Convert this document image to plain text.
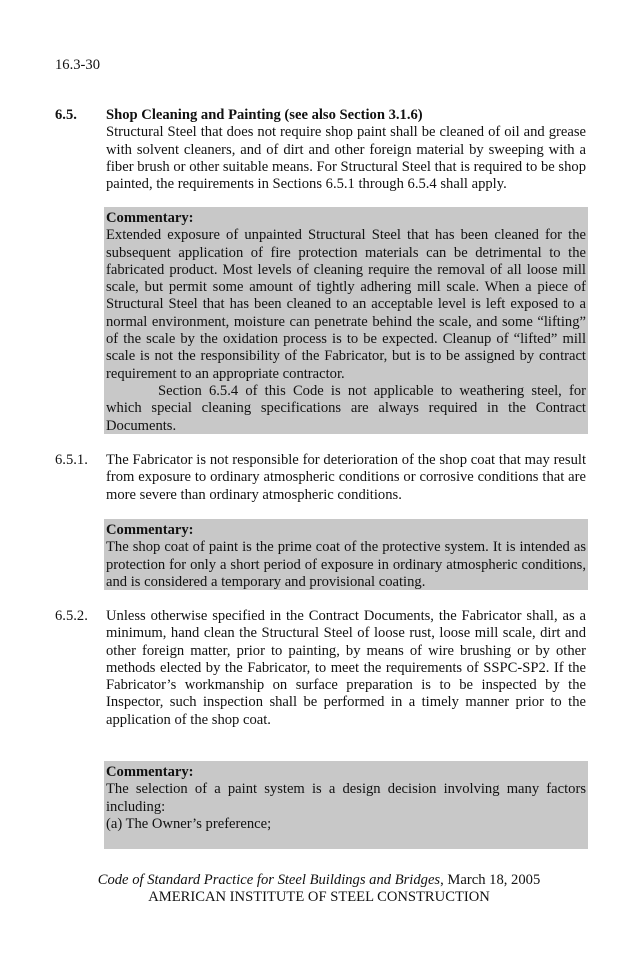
16.3-30
6.5. Shop Cleaning and Painting (see also Section 3.1.6)

Structural Steel that does not require shop paint shall be cleaned of oil and grease with solvent cleaners, and of dirt and other foreign material by sweeping with a fiber brush or other suitable means. For Structural Steel that is required to be shop painted, the requirements in Sections 6.5.1 through 6.5.4 shall apply.

Commentary:

Extended exposure of unpainted Structural Steel that has been cleaned for the subsequent application of fire protection materials can be detrimental to the fabricated product. Most levels of cleaning require the removal of all loose mill scale, but permit some amount of tightly adhering mill scale. When a piece of Structural Steel that has been cleaned to an acceptable level is left exposed to a normal environment, moisture can penetrate behind the scale, and some “lifting” of the scale by the oxidation process is to be expected. Cleanup of “lifted” mill scale is not the responsibility of the Fabricator, but is to be assigned by contract requirement to an appropriate contractor.

Section 6.5.4 of this Code is not applicable to weathering steel, for which special cleaning specifications are always required in the Contract Documents.

6.5.1. The Fabricator is not responsible for deterioration of the shop coat that may result from exposure to ordinary atmospheric conditions or corrosive conditions that are more severe than ordinary atmospheric conditions.

Commentary:

The shop coat of paint is the prime coat of the protective system. It is intended as protection for only a short period of exposure in ordinary atmospheric conditions, and is considered a temporary and provisional coating.

6.5.2. Unless otherwise specified in the Contract Documents, the Fabricator shall, as a minimum, hand clean the Structural Steel of loose rust, loose mill scale, dirt and other foreign matter, prior to painting, by means of wire brushing or by other methods elected by the Fabricator, to meet the requirements of SSPC-SP2. If the Fabricator’s workmanship on surface preparation is to be inspected by the Inspector, such inspection shall be performed in a timely manner prior to the application of the shop coat.

Commentary:

The selection of a paint system is a design decision involving many factors including:

(a) The Owner’s preference;

Code of Standard Practice for Steel Buildings and Bridges, March 18, 2005
AMERICAN INSTITUTE OF STEEL CONSTRUCTION
